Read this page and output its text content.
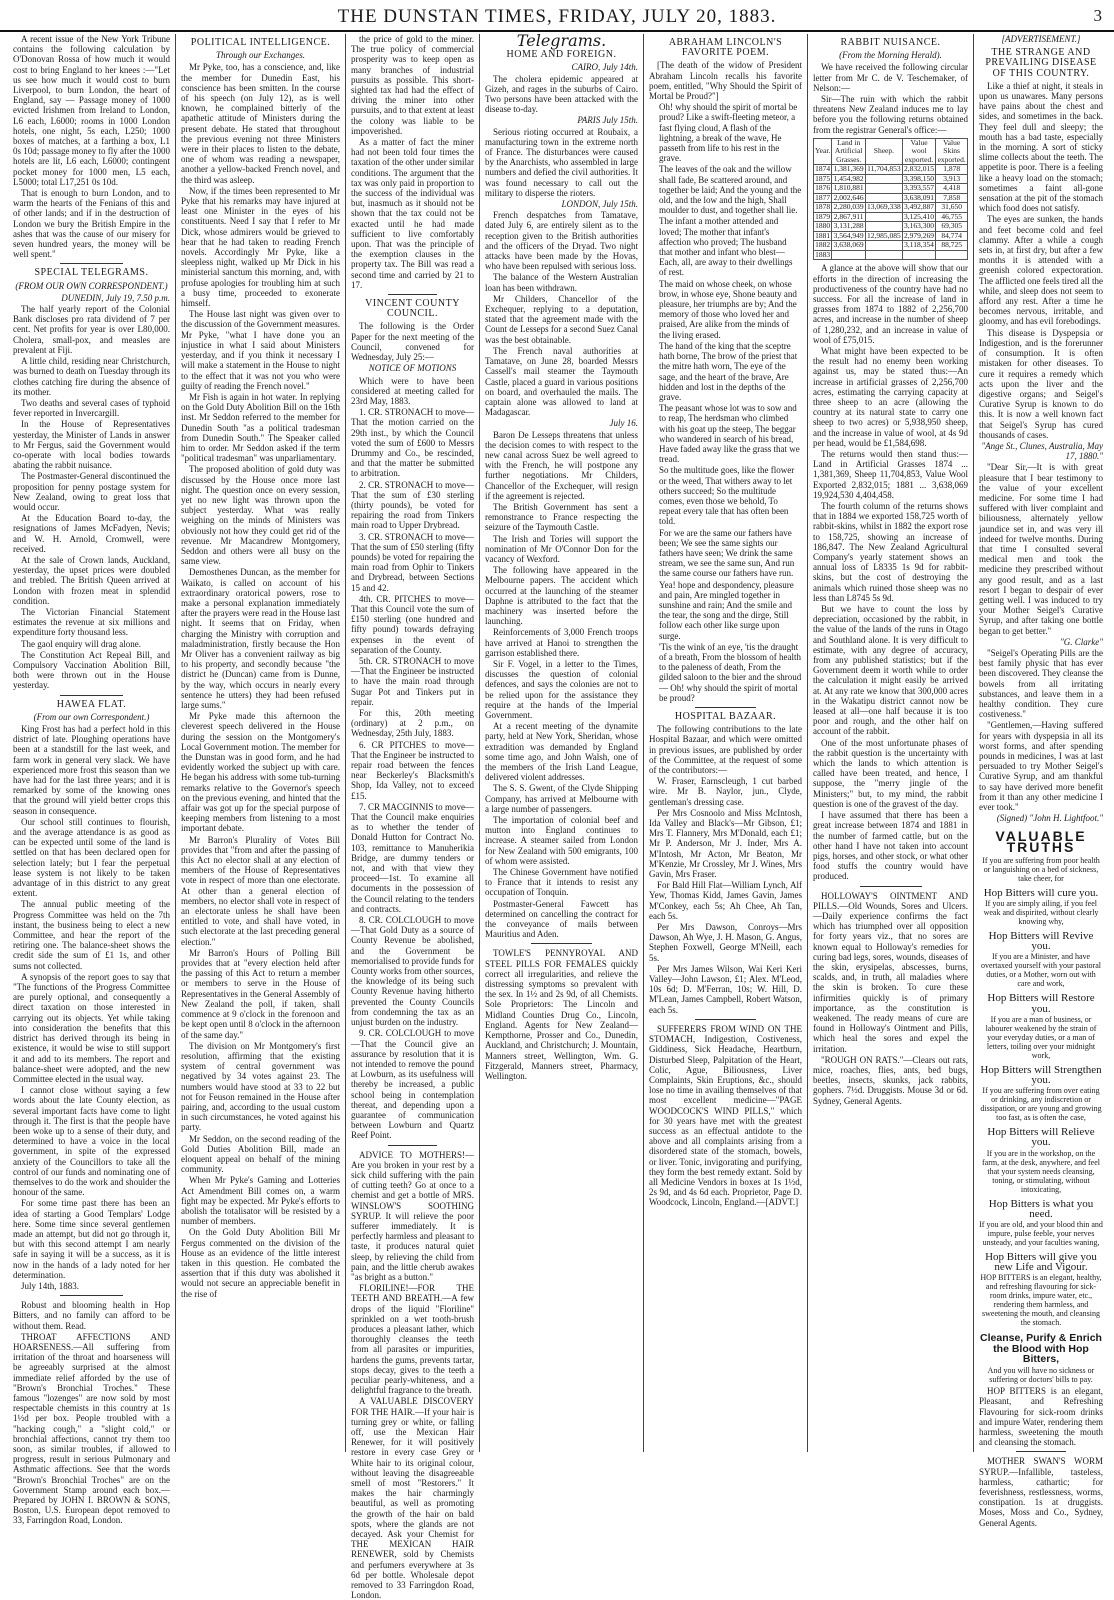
THE DUNSTAN TIMES, FRIDAY, JULY 20, 1883.	3

A recent issue of the New York Tribune contains the following calculation by O'Donovan Rossa of how much it would cost to bring England to her knees :—"Let us see how much it would cost to burn Liverpool, to burn London, the heart of England, say — Passage money of 1000 evicted Irishmen from Ireland to London, L6 each, L6000; rooms in 1000 London hotels, one night, 5s each, L250; 1000 boxes of matches, at a farthing a box, L1 0s 10d; passage money to fly after the 1000 hotels are lit, L6 each, L6000; contingent pocket money for 1000 men, L5 each, L5000; total L17,251 0s 10d.

That is enough to burn London, and to warm the hearts of the Fenians of this and of other lands; and if in the destruction of London we bury the British Empire in the ashes that was the cause of our misery for seven hundred years, the money will be well spent."

SPECIAL TELEGRAMS.
(FROM OUR OWN CORRESPONDENT.)

DUNEDIN, July 19, 7.50 p.m.

The half yearly report of the Colonial Bank discloses pro rata dividend of 7 per cent. Net profits for year is over L80,000. Cholera, small-pox, and measles are prevalent at Fiji.

A little child, residing near Christchurch, was burned to death on Tuesday through its clothes catching fire during the absence of its mother.

Two deaths and several cases of typhoid fever reported in Invercargill.

In the House of Representatives yesterday, the Minister of Lands in answer to Mr Fergus, said the Government would co-operate with local bodies towards abating the rabbit nuisance.

The Postmaster-General discontinued the proposition for penny postage system for New Zealand, owing to great loss that would occur.

At the Education Board to-day, the resignations of James McFadyen, Nevis; and W. H. Arnold, Cromwell, were received.

At the sale of Crown lands, Auckland, yesterday, the upset prices were doubled and trebled. The British Queen arrived at London with frozen meat in splendid condition.

The Victorian Financial Statement estimates the revenue at six millions and expenditure forty thousand less.

The gaol enquiry will drag alone.

The Constitution Act Repeal Bill, and Compulsory Vaccination Abolition Bill, both were thrown out in the House yesterday.

HAWEA FLAT.
(From our own Correspondent.)

King Frost has had a perfect hold in this district of late. Ploughing operations have been at a standstill for the last week, and farm work in general very slack. We have experienced more frost this season than we have had for the last three years; and it is remarked by some of the knowing ones that the ground will yield better crops this season in consequence.

Our school still continues to flourish, and the average attendance is as good as can be expected until some of the land is settled on that has been declared open for selection lately; but I fear the perpetual lease system is not likely to be taken advantage of in this district to any great extent.

The annual public meeting of the Progress Committee was held on the 7th instant, the business being to elect a new Committee, and hear the report of the retiring one. The balance-sheet shows the credit side the sum of £1 1s, and other sums not collected.

A synopsis of the report goes to say that "The functions of the Progress Committee are purely optional, and consequently a direct taxation on those interested in carrying out its objects. Yet while taking into consideration the benefits that this district has derived through its being in existence, it would be wise to still support it and add to its members. The report and balance-sheet were adopted, and the new Committee elected in the usual way.

I cannot close without saying a few words about the late County election, as several important facts have come to light through it. The first is that the people have been woke up to a sense of their duty, and determined to have a voice in the local government, in spite of the expressed anxiety of the Councillors to take all the control of our funds and nominating one of themselves to do the work and shoulder the honour of the same.

For some time past there has been an idea of starting a Good Templars' Lodge here. Some time since several gentlemen made an attempt, but did not go through it, but with this second attempt I am nearly safe in saying it will be a success, as it is now in the hands of a lady noted for her determination.

July 14th, 1883.

Robust and blooming health in Hop Bitters, and no family can afford to be without them. Read.

THROAT AFFECTIONS AND HOARSENESS.—All suffering from irritation of the throat and hoarseness will be agreeably surprised at the almost immediate relief afforded by the use of "Brown's Bronchial Troches." These famous "lozenges" are now sold by most respectable chemists in this country at 1s 1½d per box. People troubled with a "hacking cough," a "slight cold," or bronchial affections, cannot try them too soon, as similar troubles, if allowed to progress, result in serious Pulmonary and Asthmatic affections. See that the words "Brown's Bronchial Troches" are on the Government Stamp around each box.—Prepared by JOHN I. BROWN & SONS, Boston, U.S. European depot removed to 33, Farringdon Road, London.

POLITICAL INTELLIGENCE.
Through our Exchanges.

Mr Pyke, too, has a conscience, and, like the member for Dunedin East, his conscience has been smitten. In the course of his speech (on July 12), as is well known, he complained bitterly of the apathetic attitude of Ministers during the present debate. He stated that throughout the previous evening not three Ministers were in their places to listen to the debate, one of whom was reading a newspaper, another a yellow-backed French novel, and the third was asleep.

Now, if the times been represented to Mr Pyke that his remarks may have injured at least one Minister in the eyes of his constituents. Need I say that I refer to Mr Dick, whose admirers would be grieved to hear that he had taken to reading French novels. Accordingly Mr Pyke, like a sleepless night, walked up Mr Dick in his ministerial sanctum this morning, and, with profuse apologies for troubling him at such a busy time, proceeded to exonerate himself.

The House last night was given over to the discussion of the Government measures. Mr Pyke, "what I have done you an injustice in what I said about Ministers yesterday, and if you think it necessary I will make a statement in the House to night to the effect that it was not you who were guilty of reading the French novel."

Mr Fish is again in hot water. In replying on the Gold Duty Abolition Bill on the 16th inst. Mr Seddon referred to the member for Dunedin South "as a political tradesman from Dunedin South." The Speaker called him to order. Mr Seddon asked if the term "political tradesman" was unparliamentary.

The proposed abolition of gold duty was discussed by the House once more last night. The question once on every session, yet no new light was thrown upon the subject yesterday. What was really weighing on the minds of Ministers was obviously not how they could get rid of the revenue. Mr Macandrew Montgomery, Seddon and others were all busy on the same view.

Demosthenes Duncan, as the member for Waikato, is called on account of his extraordinary oratorical powers, rose to make a personal explanation immediately after the prayers were read in the House last night. It seems that on Friday, when charging the Ministry with corruption and maladministration, firstly because the Hon Mr Oliver has a convenient railway as big to his property, and secondly because "the district he (Duncan) came from is Dunne, by the way, which occurs in nearly every sentence he utters) they had been refused large sums."

Mr Pyke made this afternoon the cleverest speech delivered in the House during the session on the Montgomery's Local Government motion. The member for the Dunstan was in good form, and he had evidently worked the subject up with care. He began his address with some tub-turning remarks relative to the Governor's speech on the previous evening, and hinted that the affair was got up for the special purpose of keeping members from listening to a most important debate.

Mr Barron's Plurality of Votes Bill provides that "from and after the passing of this Act no elector shall at any election of members of the House of Representatives vote in respect of more than one electorate. At other than a general election of members, no elector shall vote in respect of an electorate unless he shall have been entitled to vote, and shall have voted, in such electorate at the last preceding general election."

Mr Barron's Hours of Polling Bill provides that at "every election held after the passing of this Act to return a member or members to serve in the House of Representatives in the General Assembly of New Zealand the poll, if taken, shall commence at 9 o'clock in the forenoon and be kept open until 8 o'clock in the afternoon of the same day."

The division on Mr Montgomery's first resolution, affirming that the existing system of central government was negatived by 34 votes against 23. The numbers would have stood at 33 to 22 but not for Feuson remained in the House after pairing, and, according to the usual custom in such circumstances, he voted against his party.

Mr Seddon, on the second reading of the Gold Duties Abolition Bill, made an eloquent appeal on behalf of the mining community.

When Mr Pyke's Gaming and Lotteries Act Amendment Bill comes on, a warm fight may be expected. Mr Pyke's efforts to abolish the totalisator will be resisted by a number of members.

On the Gold Duty Abolition Bill Mr Fergus commented on the division of the House as an evidence of the little interest taken in this question. He combated the assertion that if this duty was abolished it would not secure an appreciable benefit in the rise of

the price of gold to the miner. The true policy of commercial prosperity was to keep open as many branches of industrial pursuits as possible. This short-sighted tax had had the effect of driving the miner into other pursuits, and to that extent at least the colony was liable to be impoverished.

As a matter of fact the miner had not been told four times the taxation of the other under similar conditions. The argument that the tax was only paid in proportion to the success of the individual was but, inasmuch as it should not be shown that the tax could not be exacted until he had made sufficient to live comfortably upon. That was the principle of the exemption clauses in the property tax. The Bill was read a second time and carried by 21 to 17.

VINCENT COUNTY COUNCIL.

The following is the Order Paper for the next meeting of the Council, convened for Wednesday, July 25:—

NOTICE OF MOTIONS

Which were to have been considered at meeting called for 23rd May, 1883.

1. CR. STRONACH to move—That the motion carried on the 29th inst., by which the Council voted the sum of £600 to Messrs Drummy and Co., be rescinded, and that the matter be submitted to arbitration.

2. CR. STRONACH to move—That the sum of £30 sterling (thirty pounds), be voted for repairing the road from Tinkers main road to Upper Drybread.

3. CR. STRONACH to move—That the sum of £50 sterling (fifty pounds) be voted for repairing the main road from Ophir to Tinkers and Drybread, between Sections 15 and 42.

4th. CR. PITCHES to move—That this Council vote the sum of £150 sterling (one hundred and fifty pound) towards defraying expenses in the event of separation of the County.

5th. CR. STRONACH to move—That the Engineer be instructed to have the main road through Sugar Pot and Tinkers put in repair.

For this, 20th meeting (ordinary) at 2 p.m., on Wednesday, 25th July, 1883.

6. CR PITCHES to move—That the Engineer be instructed to repair road between the fences near Beckerley's Blacksmith's Shop, Ida Valley, not to exceed £15.

7. CR MACGINNIS to move—That the Council make enquiries as to whether the tender of Donald Hutton for Contract No. 103, remittance to Manuherikia Bridge, are dummy tenders or not, and with that view they proceed—1st. To examine all documents in the possession of the Council relating to the tenders and contracts.

8. CR. COLCLOUGH to move—That Gold Duty as a source of County Revenue be abolished, and the Government be memorialised to provide funds for County works from other sources, the knowledge of its being such County Revenue having hitherto prevented the County Councils from condemning the tax as an unjust burden on the industry.

9. CR. COLCLOUGH to move—That the Council give an assurance by resolution that it is not intended to remove the pound at Lowburn, as its usefulness will thereby be increased, a public school being in contemplation thereat, and depending upon a guarantee of communication between Lowburn and Quartz Reef Point.

ADVICE TO MOTHERS!—Are you broken in your rest by a sick child suffering with the pain of cutting teeth? Go at once to a chemist and get a bottle of MRS. WINSLOW'S SOOTHING SYRUP. It will relieve the poor sufferer immediately. It is perfectly harmless and pleasant to taste, it produces natural quiet sleep, by relieving the child from pain, and the little cherub awakes "as bright as a button."

FLORILINE!—FOR THE TEETH AND BREATH.—A few drops of the liquid "Floriline" sprinkled on a wet tooth-brush produces a pleasant lather, which thoroughly cleanses the teeth from all parasites or impurities, hardens the gums, prevents tartar, stops decay, gives to the teeth a peculiar pearly-whiteness, and a delightful fragrance to the breath.

A VALUABLE DISCOVERY FOR THE HAIR.—If your hair is turning grey or white, or falling off, use the Mexican Hair Renewer, for it will positively restore in every case Grey or White hair to its original colour, without leaving the disagreeable smell of most "Restorers." It makes the hair charmingly beautiful, as well as promoting the growth of the hair on bald spots, where the glands are not decayed. Ask your Chemist for THE MEXICAN HAIR RENEWER, sold by Chemists and perfumers everywhere at 3s 6d per bottle. Wholesale depot removed to 33 Farringdon Road, London.

Telegrams.
HOME AND FOREIGN.

CAIRO, July 14th.

The cholera epidemic appeared at Gizeh, and rages in the suburbs of Cairo. Two persons have been attacked with the disease to-day.

PARIS July 15th.

Serious rioting occurred at Roubaix, a manufacturing town in the extreme north of France. The disturbances were caused by the Anarchists, who assembled in large numbers and defied the civil authorities. It was found necessary to call out the military to disperse the rioters.

LONDON, July 15th.

French despatches from Tamatave, dated July 6, are entirely silent as to the reception given to the British authorities and the officers of the Dryad. Two night attacks have been made by the Hovas, who have been repulsed with serious loss.

The balance of the Western Australian loan has been withdrawn.

Mr Childers, Chancellor of the Exchequer, replying to a deputation, stated that the agreement made with the Count de Lesseps for a second Suez Canal was the best obtainable.

The French naval authorities at Tamatave, on June 28, boarded Messrs Cassell's mail steamer the Taymouth Castle, placed a guard in various positions on board, and overhauled the mails. The captain alone was allowed to land at Madagascar.

July 16.

Baron De Lesseps threatens that unless the decision comes to with respect to the new canal across Suez be well agreed to with the French, he will postpone any further negotiations. Mr Childers, Chancellor of the Exchequer, will resign if the agreement is rejected.

The British Government has sent a remonstrance to France respecting the seizure of the Taymouth Castle.

The Irish and Tories will support the nomination of Mr O'Connor Don for the vacancy of Wexford.

The following have appeared in the Melbourne papers. The accident which occurred at the launching of the steamer Daphne is attributed to the fact that the machinery was inserted before the launching.

Reinforcements of 3,000 French troops have arrived at Hanoi to strengthen the garrison established there.

Sir F. Vogel, in a letter to the Times, discusses the question of colonial defences, and says the colonies are not to be relied upon for the assistance they require at the hands of the Imperial Government.

At a recent meeting of the dynamite party, held at New York, Sheridan, whose extradition was demanded by England some time ago, and John Walsh, one of the members of the Irish Land League, delivered violent addresses.

The S. S. Gwent, of the Clyde Shipping Company, has arrived at Melbourne with a large number of passengers.

The importation of colonial beef and mutton into England continues to increase. A steamer sailed from London for New Zealand with 500 emigrants, 100 of whom were assisted.

The Chinese Government have notified to France that it intends to resist any occupation of Tonquin.

Postmaster-General Fawcett has determined on cancelling the contract for the conveyance of mails between Mauritius and Aden.

TOWLE'S PENNYROYAL AND STEEL PILLS FOR FEMALES quickly correct all irregularities, and relieve the distressing symptoms so prevalent with the sex. In 1½ and 2s 9d, of all Chemists. Sole Proprietors: The Lincoln and Midland Counties Drug Co., Lincoln, England. Agents for New Zealand—Kempthorne, Prosser and Co., Dunedin, Auckland, and Christchurch; J. Mountain, Manners street, Wellington, Wm. G. Fitzgerald, Manners street, Pharmacy, Wellington.

ABRAHAM LINCOLN'S FAVORITE POEM.

[The death of the widow of President Abraham Lincoln recalls his favorite poem, entitled, "Why Should the Spirit of Mortal be Proud?"]

Oh! why should the spirit of mortal be proud? Like a swift-fleeting meteor, a fast flying cloud, A flash of the lightning, a break of the wave, He passeth from life to his rest in the grave.

The leaves of the oak and the willow shall fade, Be scattered around, and together be laid; And the young and the old, and the low and the high, Shall moulder to dust, and together shall lie.

The infant a mother attended and loved; The mother that infant's affection who proved; The husband that mother and infant who blest— Each, all, are away to their dwellings of rest.

The maid on whose cheek, on whose brow, in whose eye, Shone beauty and pleasure, her triumphs are by; And the memory of those who loved her and praised, Are alike from the minds of the living erased.

The hand of the king that the sceptre hath borne, The brow of the priest that the mitre hath worn, The eye of the sage, and the heart of the brave, Are hidden and lost in the depths of the grave.

The peasant whose lot was to sow and to reap, The herdsman who climbed with his goat up the steep, The beggar who wandered in search of his bread, Have faded away like the grass that we tread.

So the multitude goes, like the flower or the weed, That withers away to let others succeed; So the multitude comes, even those we behold, To repeat every tale that has often been told.

For we are the same our fathers have been; We see the same sights our fathers have seen; We drink the same stream, we see the same sun, And run the same course our fathers have run.

Yea! hope and despondency, pleasure and pain, Are mingled together in sunshine and rain; And the smile and the tear, the song and the dirge, Still follow each other like surge upon surge.

'Tis the wink of an eye, 'tis the draught of a breath, From the blossom of health to the paleness of death, From the gilded saloon to the bier and the shroud— Oh! why should the spirit of mortal be proud?

HOSPITAL BAZAAR.

The following contributions to the late Hospital Bazaar, and which were omitted in previous issues, are published by order of the Committee, at the request of some of the contributors:—

W. Fraser, Earnscleugh, 1 cut barbed wire. Mr B. Naylor, jun., Clyde, gentleman's dressing case.

Per Mrs Cosnoolo and Miss McIntosh, Ida Valley and Black's—Mr Gibson, £1; Mrs T. Flannery, Mrs M'Donald, each £1; Mr P. Anderson, Mr J. Inder, Mrs A. M'Intosh, Mr Acton, Mr Beaton, Mr M'Kenzie, Mr Crossley, Mr J. Wines, Mrs Gavin, Mrs Fraser.

For Bald Hill Flat—William Lynch, Alf Yew, Thomas Kidd, James Gavin, James M'Conkey, each 5s; Ah Chee, Ah Tan, each 5s.

Per Mrs Dawson, Conroys—Mrs Dawson, Ah Wye, J. H. Mason, G. Angus, Stephen Foxwell, George M'Neill, each 5s.

Per Mrs James Wilson, Wai Keri Keri Valley—John Lawson, £1; Alex. M'Leod, 10s 6d; D. M'Ferran, 10s; W. Hill, D. M'Lean, James Campbell, Robert Watson, each 5s.

SUFFERERS FROM WIND ON THE STOMACH, Indigestion, Costiveness, Giddiness, Sick Headache, Heartburn, Disturbed Sleep, Palpitation of the Heart, Colic, Ague, Biliousness, Liver Complaints, Skin Eruptions, &c., should lose no time in availing themselves of that most excellent medicine—"PAGE WOODCOCK'S WIND PILLS," which for 30 years have met with the greatest success as an effectual antidote to the above and all complaints arising from a disordered state of the stomach, bowels, or liver. Tonic, invigorating and purifying, they form the best remedy extant. Sold by all Medicine Vendors in boxes at 1s 1½d, 2s 9d, and 4s 6d each. Proprietor, Page D. Woodcock, Lincoln, England.—[ADVT.]

RABBIT NUISANCE.
(From the Morning Herald).

We have received the following circular letter from Mr C. de V. Teschemaker, of Nelson:—

Sir—The ruin with which the rabbit threatens New Zealand induces me to lay before you the following returns obtained from the registrar General's office:—

Year.	Land in Artificial Grasses.	Sheep.	Value wool exported.	Value Skins exported.
1874	1,381,369	11,704,853	2,832,015	1,878
1875	1,454,982		3,398,150	3,913
1876	1,810,881		3,393,557	4,418
1877	2,002,646		3,638,091	7,858
1878	2,280,039	13,069,338	3,492,887	31,650
1879	2,867,911		3,125,410	46,755
1880	3,131,288		3,163,300	69,305
1881	3,564,949	12,985,085	2,979,269	84,774
1882	3,638,069		3,118,354	88,725
1883				

A glance at the above will show that our efforts in the direction of increasing the productiveness of the country have had no success. For all the increase of land in grasses from 1874 to 1882 of 2,256,700 acres, and increase in the number of sheep of 1,280,232, and an increase in value of wool of £75,015.

What might have been expected to be the result had no enemy been working against us, may be stated thus:—An increase in artificial grasses of 2,256,700 acres, estimating the carrying capacity at three sheep to an acre (allowing the country at its natural state to carry one sheep to two acres) or 5,938,950 sheep, and the increase in value of wool, at 4s 9d per head, would be £1,584,698.

The returns would then stand thus:—Land in Artificial Grasses 1874 ... 1,381,369, Sheep 11,704,853, Value Wool Exported 2,832,015; 1881 ... 3,638,069 19,924,530 4,404,458.

The fourth column of the returns shows that in 1884 we exported 158,725 worth of rabbit-skins, whilst in 1882 the export rose to 158,725, showing an increase of 186,847. The New Zealand Agricultural Company's yearly statement shows an annual loss of L8335 1s 9d for rabbit-skins, but the cost of destroying the animals which ruined those sheep was no less than L8745 5s 9d.

But we have to count the loss by depreciation, occasioned by the rabbit, in the value of the lands of the runs in Otago and Southland alone. It is very difficult to estimate, with any degree of accuracy, from any published statistics; but if the Government deem it worth while to order the calculation it might easily be arrived at. At any rate we know that 300,000 acres in the Wakatipu district cannot now be leased at all—one half because it is too poor and rough, and the other half on account of the rabbit.

One of the most unfortunate phases of the rabbit question is the uncertainty with which the lands to which attention is called have been treated, and hence, I suppose, the "merry jingle of the Ministers;" but, to my mind, the rabbit question is one of the gravest of the day.

I have assumed that there has been a great increase between 1874 and 1881 in the number of farmed cattle, but on the other hand I have not taken into account pigs, horses, and other stock, or what other food stuffs the country would have produced.

HOLLOWAY'S OINTMENT AND PILLS.—Old Wounds, Sores and Ulcers.—Daily experience confirms the fact which has triumphed over all opposition for forty years viz., that no sores are known equal to Holloway's remedies for curing bad legs, sores, wounds, diseases of the skin, erysipelas, abscesses, burns, scalds, and, in truth, all maladies where the skin is broken. To cure these infirmities quickly is of primary importance, as the constitution is weakened. The ready means of cure are found in Holloway's Ointment and Pills, which heal the sores and expel the irritation.

"ROUGH ON RATS."—Clears out rats, mice, roaches, flies, ants, bed bugs, beetles, insects, skunks, jack rabbits, gophers. 7½d. Druggists. Mouse 3d or 6d. Sydney, General Agents.

[ADVERTISEMENT.]
THE STRANGE AND PREVAILING DISEASE OF THIS COUNTRY.

Like a thief at night, it steals in upon us unawares. Many persons have pains about the chest and sides, and sometimes in the back. They feel dull and sleepy; the mouth has a bad taste, especially in the morning. A sort of sticky slime collects about the teeth. The appetite is poor. There is a feeling like a heavy load on the stomach; sometimes a faint all-gone sensation at the pit of the stomach which food does not satisfy.

The eyes are sunken, the hands and feet become cold and feel clammy. After a while a cough sets in, at first dry, but after a few months it is attended with a greenish colored expectoration. The afflicted one feels tired all the while, and sleep does not seem to afford any rest. After a time he becomes nervous, irritable, and gloomy, and has evil forebodings.

This disease is Dyspepsia or Indigestion, and is the forerunner of consumption. It is often mistaken for other diseases. To cure it requires a remedy which acts upon the liver and the digestive organs; and Seigel's Curative Syrup is known to do this. It is now a well known fact that Seigel's Syrup has cured thousands of cases.

"Ange St., Clunes, Australia, May 17, 1880."

"Dear Sir,—It is with great pleasure that I bear testimony to the value of your excellent medicine. For some time I had suffered with liver complaint and biliousness, alternately yellow jaundice set in, and was very ill indeed for twelve months. During that time I consulted several medical men and took the medicine they prescribed without any good result, and as a last resort I began to despair of ever getting well. I was induced to try your Mother Seigel's Curative Syrup, and after taking one bottle began to get better."

"G. Clarke"

"Seigel's Operating Pills are the best family physic that has ever been discovered. They cleanse the bowels from all irritating substances, and leave them in a healthy condition. They cure costiveness."

"Gentlemen,—Having suffered for years with dyspepsia in all its worst forms, and after spending pounds in medicines, I was at last persuaded to try Mother Seigel's Curative Syrup, and am thankful to say have derived more benefit from it than any other medicine I ever took."

(Signed) "John H. Lightfoot."

VALUABLE TRUTHS

If you are suffering from poor health or languishing on a bed of sickness, take cheer, for

Hop Bitters will cure you.

If you are simply ailing, if you feel weak and dispirited, without clearly knowing why,

Hop Bitters will Revive you.

If you are a Minister, and have overtaxed yourself with your pastoral duties, or a Mother, worn out with care and work,

Hop Bitters will Restore you.

If you are a man of business, or labourer weakened by the strain of your everyday duties, or a man of letters, toiling over your midnight work,

Hop Bitters will Strengthen you.

If you are suffering from over eating or drinking, any indiscretion or dissipation, or are young and growing too fast, as is often the case,

Hop Bitters will Relieve you.

If you are in the workshop, on the farm, at the desk, anywhere, and feel that your system needs cleansing, toning, or stimulating, without intoxicating,

Hop Bitters is what you need.

If you are old, and your blood thin and impure, pulse feeble, your nerves unsteady, and your faculties waning,

Hop Bitters will give you new Life and Vigour.

HOP BITTERS is an elegant, healthy, and refreshing flavouring for sick-room drinks, impure water, etc., rendering them harmless, and sweetening the mouth, and cleansing the stomach.

Cleanse, Purify & Enrich the Blood with Hop Bitters,

And you will have no sickness or suffering or doctors' bills to pay.

HOP BITTERS is an elegant, Pleasant, and Refreshing Flavouring for sick-room drinks and impure Water, rendering them harmless, sweetening the mouth and cleansing the stomach.

MOTHER SWAN'S WORM SYRUP.—Infallible, tasteless, harmless, cathartic; for feverishness, restlessness, worms, constipation. 1s at druggists. Moses, Moss and Co., Sydney, General Agents.
